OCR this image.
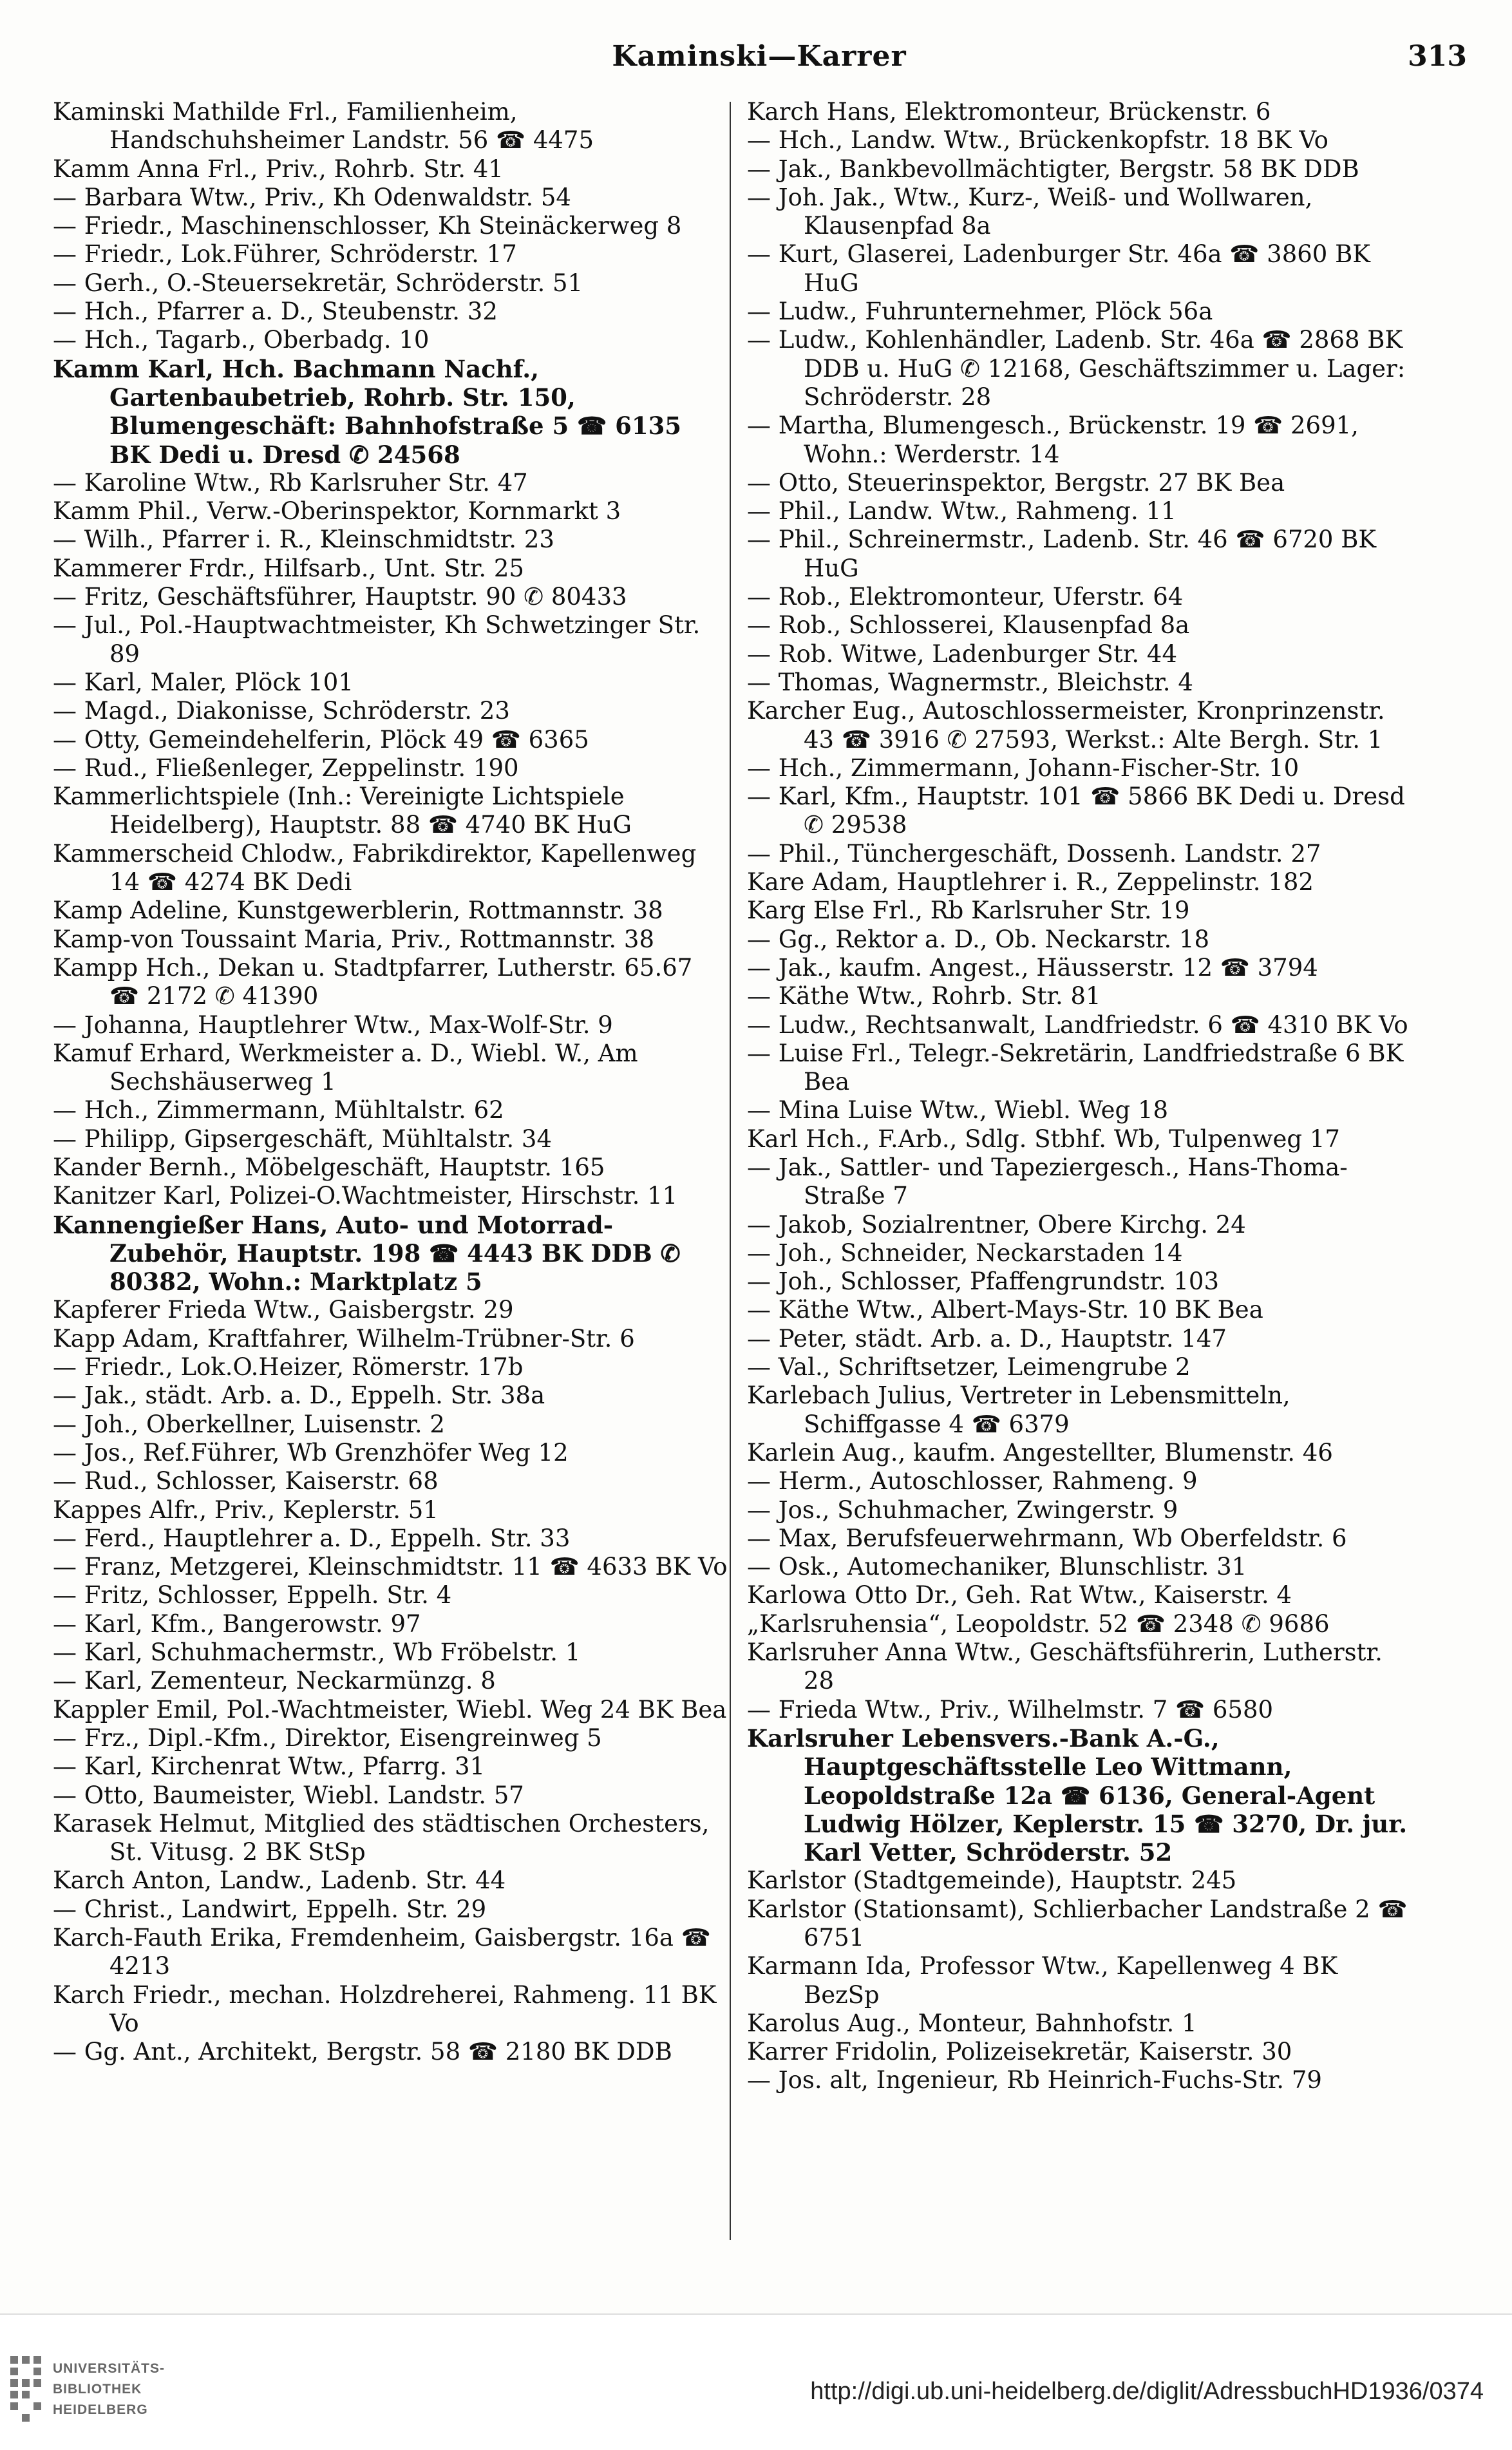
Kaminski—Karrer	313
Kaminski Mathilde Frl., Familienheim, Handschuhsheimer Landstr. 56 ☎ 4475
Kamm Anna Frl., Priv., Rohrb. Str. 41
— Barbara Wtw., Priv., Kh Odenwaldstr. 54
— Friedr., Maschinenschlosser, Kh Steinäckerweg 8
— Friedr., Lok.Führer, Schröderstr. 17
— Gerh., O.-Steuersekretär, Schröderstr. 51
— Hch., Pfarrer a. D., Steubenstr. 32
— Hch., Tagarb., Oberbadg. 10
Kamm Karl, Hch. Bachmann Nachf., Gartenbaubetrieb, Rohrb. Str. 150, Blumengeschäft: Bahnhofstraße 5 ☎ 6135 BK Dedi u. Dresd ✆ 24568
— Karoline Wtw., Rb Karlsruher Str. 47
Kamm Phil., Verw.-Oberinspektor, Kornmarkt 3
— Wilh., Pfarrer i. R., Kleinschmidtstr. 23
Kammerer Frdr., Hilfsarb., Unt. Str. 25
— Fritz, Geschäftsführer, Hauptstr. 90 ✆ 80433
— Jul., Pol.-Hauptwachtmeister, Kh Schwetzinger Str. 89
— Karl, Maler, Plöck 101
— Magd., Diakonisse, Schröderstr. 23
— Otty, Gemeindehelferin, Plöck 49 ☎ 6365
— Rud., Fließenleger, Zeppelinstr. 190
Kammerlichtspiele (Inh.: Vereinigte Lichtspiele Heidelberg), Hauptstr. 88 ☎ 4740 BK HuG
Kammerscheid Chlodw., Fabrikdirektor, Kapellenweg 14 ☎ 4274 BK Dedi
Kamp Adeline, Kunstgewerblerin, Rottmannstr. 38
Kamp-von Toussaint Maria, Priv., Rottmannstr. 38
Kampp Hch., Dekan u. Stadtpfarrer, Lutherstr. 65.67 ☎ 2172 ✆ 41390
— Johanna, Hauptlehrer Wtw., Max-Wolf-Str. 9
Kamuf Erhard, Werkmeister a. D., Wiebl. W., Am Sechshäuserweg 1
— Hch., Zimmermann, Mühltalstr. 62
— Philipp, Gipsergeschäft, Mühltalstr. 34
Kander Bernh., Möbelgeschäft, Hauptstr. 165
Kanitzer Karl, Polizei-O.Wachtmeister, Hirschstr. 11
Kannengießer Hans, Auto- und Motorrad-Zubehör, Hauptstr. 198 ☎ 4443 BK DDB ✆ 80382, Wohn.: Marktplatz 5
Kapferer Frieda Wtw., Gaisbergstr. 29
Kapp Adam, Kraftfahrer, Wilhelm-Trübner-Str. 6
— Friedr., Lok.O.Heizer, Römerstr. 17b
— Jak., städt. Arb. a. D., Eppelh. Str. 38a
— Joh., Oberkellner, Luisenstr. 2
— Jos., Ref.Führer, Wb Grenzhöfer Weg 12
— Rud., Schlosser, Kaiserstr. 68
Kappes Alfr., Priv., Keplerstr. 51
— Ferd., Hauptlehrer a. D., Eppelh. Str. 33
— Franz, Metzgerei, Kleinschmidtstr. 11 ☎ 4633 BK Vo
— Fritz, Schlosser, Eppelh. Str. 4
— Karl, Kfm., Bangerowstr. 97
— Karl, Schuhmachermstr., Wb Fröbelstr. 1
— Karl, Zementeur, Neckarmünzg. 8
Kappler Emil, Pol.-Wachtmeister, Wiebl. Weg 24 BK Bea
— Frz., Dipl.-Kfm., Direktor, Eisengreinweg 5
— Karl, Kirchenrat Wtw., Pfarrg. 31
— Otto, Baumeister, Wiebl. Landstr. 57
Karasek Helmut, Mitglied des städtischen Orchesters, St. Vitusg. 2 BK StSp
Karch Anton, Landw., Ladenb. Str. 44
— Christ., Landwirt, Eppelh. Str. 29
Karch-Fauth Erika, Fremdenheim, Gaisbergstr. 16a ☎ 4213
Karch Friedr., mechan. Holzdreherei, Rahmeng. 11 BK Vo
— Gg. Ant., Architekt, Bergstr. 58 ☎ 2180 BK DDB
Karch Hans, Elektromonteur, Brückenstr. 6
— Hch., Landw. Wtw., Brückenkopfstr. 18 BK Vo
— Jak., Bankbevollmächtigter, Bergstr. 58 BK DDB
— Joh. Jak., Wtw., Kurz-, Weiß- und Wollwaren, Klausenpfad 8a
— Kurt, Glaserei, Ladenburger Str. 46a ☎ 3860 BK HuG
— Ludw., Fuhrunternehmer, Plöck 56a
— Ludw., Kohlenhändler, Ladenb. Str. 46a ☎ 2868 BK DDB u. HuG ✆ 12168, Geschäftszimmer u. Lager: Schröderstr. 28
— Martha, Blumengesch., Brückenstr. 19 ☎ 2691, Wohn.: Werderstr. 14
— Otto, Steuerinspektor, Bergstr. 27 BK Bea
— Phil., Landw. Wtw., Rahmeng. 11
— Phil., Schreinermstr., Ladenb. Str. 46 ☎ 6720 BK HuG
— Rob., Elektromonteur, Uferstr. 64
— Rob., Schlosserei, Klausenpfad 8a
— Rob. Witwe, Ladenburger Str. 44
— Thomas, Wagnermstr., Bleichstr. 4
Karcher Eug., Autoschlossermeister, Kronprinzenstr. 43 ☎ 3916 ✆ 27593, Werkst.: Alte Bergh. Str. 1
— Hch., Zimmermann, Johann-Fischer-Str. 10
— Karl, Kfm., Hauptstr. 101 ☎ 5866 BK Dedi u. Dresd ✆ 29538
— Phil., Tünchergeschäft, Dossenh. Landstr. 27
Kare Adam, Hauptlehrer i. R., Zeppelinstr. 182
Karg Else Frl., Rb Karlsruher Str. 19
— Gg., Rektor a. D., Ob. Neckarstr. 18
— Jak., kaufm. Angest., Häusserstr. 12 ☎ 3794
— Käthe Wtw., Rohrb. Str. 81
— Ludw., Rechtsanwalt, Landfriedstr. 6 ☎ 4310 BK Vo
— Luise Frl., Telegr.-Sekretärin, Landfriedstraße 6 BK Bea
— Mina Luise Wtw., Wiebl. Weg 18
Karl Hch., F.Arb., Sdlg. Stbhf. Wb, Tulpenweg 17
— Jak., Sattler- und Tapeziergesch., Hans-Thoma-Straße 7
— Jakob, Sozialrentner, Obere Kirchg. 24
— Joh., Schneider, Neckarstaden 14
— Joh., Schlosser, Pfaffengrundstr. 103
— Käthe Wtw., Albert-Mays-Str. 10 BK Bea
— Peter, städt. Arb. a. D., Hauptstr. 147
— Val., Schriftsetzer, Leimengrube 2
Karlebach Julius, Vertreter in Lebensmitteln, Schiffgasse 4 ☎ 6379
Karlein Aug., kaufm. Angestellter, Blumenstr. 46
— Herm., Autoschlosser, Rahmeng. 9
— Jos., Schuhmacher, Zwingerstr. 9
— Max, Berufsfeuerwehrmann, Wb Oberfeldstr. 6
— Osk., Automechaniker, Blunschlistr. 31
Karlowa Otto Dr., Geh. Rat Wtw., Kaiserstr. 4
„Karlsruhensia“, Leopoldstr. 52 ☎ 2348 ✆ 9686
Karlsruher Anna Wtw., Geschäftsführerin, Lutherstr. 28
— Frieda Wtw., Priv., Wilhelmstr. 7 ☎ 6580
Karlsruher Lebensvers.-Bank A.-G., Hauptgeschäftsstelle Leo Wittmann, Leopoldstraße 12a ☎ 6136, General-Agent Ludwig Hölzer, Keplerstr. 15 ☎ 3270, Dr. jur. Karl Vetter, Schröderstr. 52
Karlstor (Stadtgemeinde), Hauptstr. 245
Karlstor (Stationsamt), Schlierbacher Landstraße 2 ☎ 6751
Karmann Ida, Professor Wtw., Kapellenweg 4 BK BezSp
Karolus Aug., Monteur, Bahnhofstr. 1
Karrer Fridolin, Polizeisekretär, Kaiserstr. 30
— Jos. alt, Ingenieur, Rb Heinrich-Fuchs-Str. 79
UNIVERSITÄTS-
BIBLIOTHEK
HEIDELBERG
http://digi.ub.uni-heidelberg.de/diglit/AdressbuchHD1936/0374
